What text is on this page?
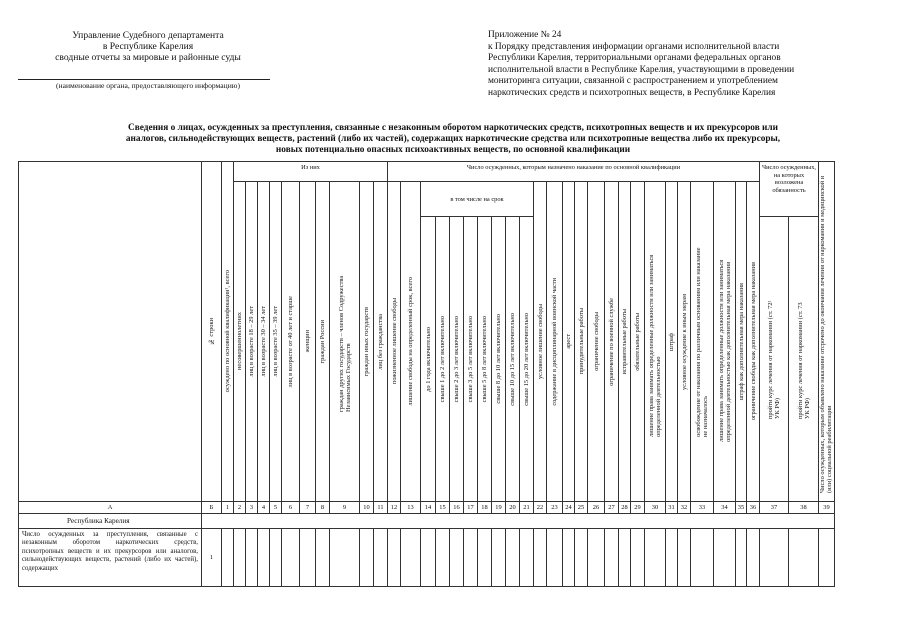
Управление Судебного департамента
в Республике Карелия
сводные отчеты за мировые и районные суды
(наименование органа, предоставляющего информацию)
Приложение № 24
к Порядку представления информации органами исполнительной власти
Республики Карелия, территориальными органами федеральных органов
исполнительной власти в Республике Карелия, участвующими в проведении
мониторинга ситуации, связанной с распространением и употреблением
наркотических средств и психотропных веществ, в Республике Карелия
Сведения о лицах, осужденных за преступления, связанные с незаконным оборотом наркотических средств, психотропных веществ и их прекурсоров или
аналогов, сильнодействующих веществ, растений (либо их частей), содержащих наркотические средства или психотропные вещества либо их прекурсоры,
новых потенциально опасных психоактивных веществ, по основной квалификации

	№ строки	осуждено по основной квалификации¹, всего	Из них										Число осужденных, которым назначено наказание по основной квалификации																									Число осужденных, на которых возложена обязанность		Число осужденных, которым объявлено наказание отсрочено до окончания лечения от наркомании и медицинской и (или) социальной реабилитации

			несовершеннолетних	лиц в возрасте 18 – 29 лет	лиц в возрасте 30 – 34 лет	лиц в возрасте 35 – 39 лет	лиц в возрасте от 40 лет и старше	женщин	граждан России	граждан других государств – членов Содружества Независимых Государств	граждан иных государств	лиц без гражданства	пожизненное лишение свободы	лишение свободы на определенный срок, всего	в том числе на срок								условное лишение свободы	содержание в дисциплинарной воинской части	арест	принудительные работы	ограничение свободы	ограничение по военной службе	исправительные работы	обязательные работы	лишение права занимать определенные должности или заниматься определенной деятельностью	штраф	условное осуждение к иным мерам	освобождение от наказания по различным основаниям или наказание не назначалось	лишение права занимать определенные должности или заниматься определенной деятельностью как дополнительная мера наказания	штраф как дополнительная мера наказания	ограничение свободы как дополнительная мера наказания			

															до 1 года включительно	свыше 1 до 2 лет включительно	свыше 2 до 3 лет включительно	свыше 3 до 5 лет включительно	свыше 5 до 8 лет включительно	свыше 8 до 10 лет включительно	свыше 10 до 15 лет включительно	свыше 15 до 20 лет включительно																пройти курс лечения от наркомании (ст. 72¹ УК РФ)	пройти курс лечения от наркомании (ст. 73 УК РФ)	

А	Б	1	2	3	4	5	6	7	8	9	10	11	12	13	14	15	16	17	18	19	20	21	22	23	24	25	26	27	28	29	30	31	32	33	34	35	36	37	38	39
Республика Карелия																																								
Число осужденных за преступления, связанные с незаконным оборотом наркотических средств, психотропных веществ и их прекурсоров или аналогов, сильнодействующих веществ, растений (либо их частей), содержащих	1																																							
